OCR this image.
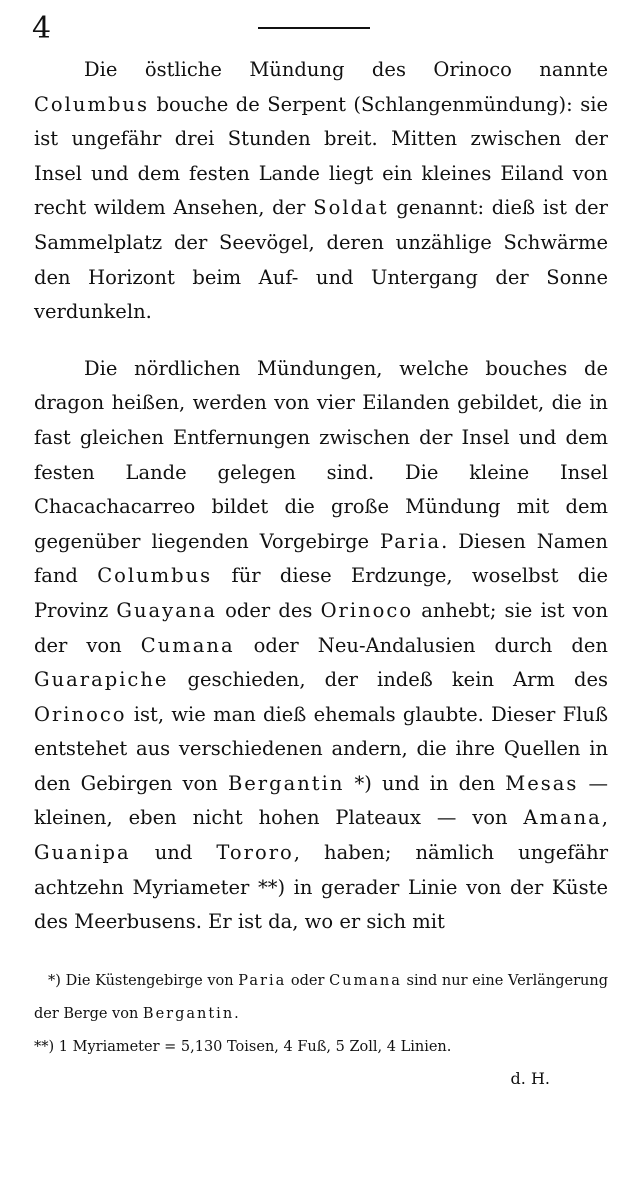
4

Die östliche Mündung des Orinoco nannte Columbus bouche de Serpent (Schlangenmündung): sie ist ungefähr drei Stunden breit. Mitten zwischen der Insel und dem festen Lande liegt ein kleines Eiland von recht wildem Ansehen, der Soldat genannt: dieß ist der Sammelplatz der Seevögel, deren unzählige Schwärme den Horizont beim Auf- und Untergang der Sonne verdunkeln.

Die nördlichen Mündungen, welche bouches de dragon heißen, werden von vier Eilanden gebildet, die in fast gleichen Entfernungen zwischen der Insel und dem festen Lande gelegen sind. Die kleine Insel Chacachacarreo bildet die große Mündung mit dem gegenüber liegenden Vorgebirge Paria. Diesen Namen fand Columbus für diese Erdzunge, woselbst die Provinz Guayana oder des Orinoco anhebt; sie ist von der von Cumana oder Neu-Andalusien durch den Guarapiche geschieden, der indeß kein Arm des Orinoco ist, wie man dieß ehemals glaubte. Dieser Fluß entstehet aus verschiedenen andern, die ihre Quellen in den Gebirgen von Bergantin *) und in den Mesas — kleinen, eben nicht hohen Plateaux — von Amana, Guanipa und Tororo, haben; nämlich ungefähr achtzehn Myriameter **) in gerader Linie von der Küste des Meerbusens. Er ist da, wo er sich mit

*) Die Küstengebirge von Paria oder Cumana sind nur eine Verlängerung der Berge von Bergantin.

**) 1 Myriameter = 5,130 Toisen, 4 Fuß, 5 Zoll, 4 Linien.

d. H.
